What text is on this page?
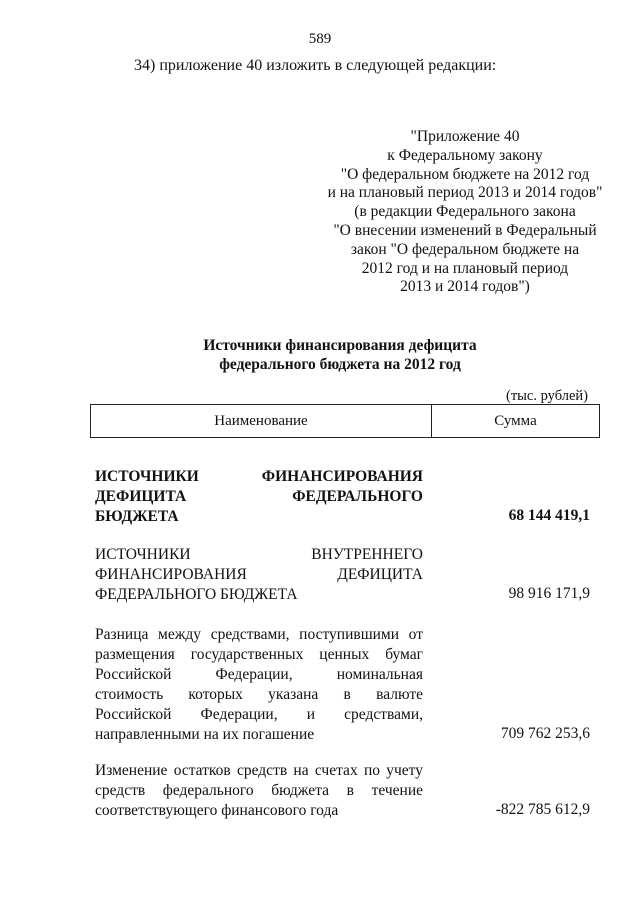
589
34) приложение 40 изложить в следующей редакции:
"Приложение 40
к Федеральному закону
"О федеральном бюджете на 2012 год
и на плановый период 2013 и 2014 годов"
(в редакции Федерального закона
"О внесении изменений в Федеральный
закон "О федеральном бюджете на
2012 год и на плановый период
2013 и 2014 годов")
Источники финансирования дефицита
федерального бюджета на 2012 год
(тыс. рублей)
Наименование	Сумма
ИСТОЧНИКИ ФИНАНСИРОВАНИЯ
ДЕФИЦИТА ФЕДЕРАЛЬНОГО
БЮДЖЕТА	68 144 419,1
ИСТОЧНИКИ ВНУТРЕННЕГО
ФИНАНСИРОВАНИЯ ДЕФИЦИТА
ФЕДЕРАЛЬНОГО БЮДЖЕТА	98 916 171,9
Разница между средствами, поступившими от
размещения государственных ценных бумаг
Российской Федерации, номинальная
стоимость которых указана в валюте
Российской Федерации, и средствами,
направленными на их погашение	709 762 253,6
Изменение остатков средств на счетах по учету
средств федерального бюджета в течение
соответствующего финансового года	-822 785 612,9
